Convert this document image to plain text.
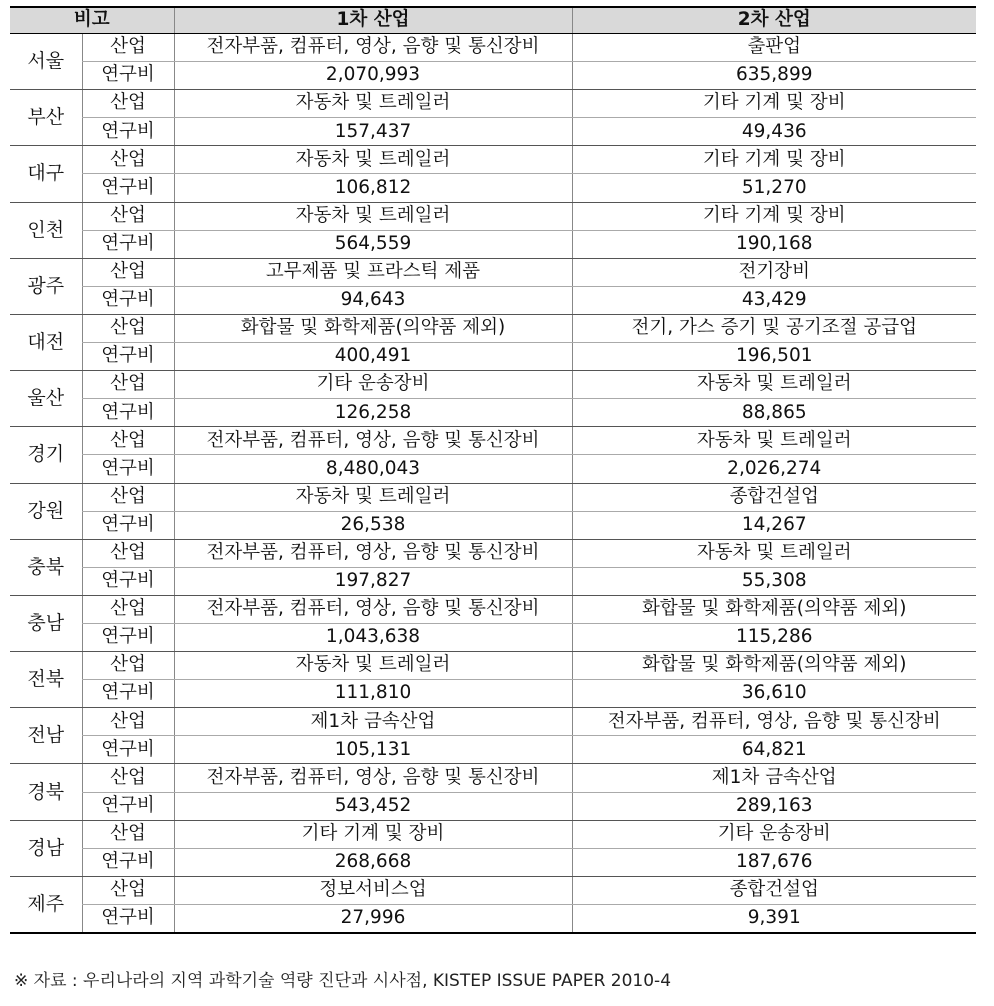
비고		1차 산업	2차 산업
서울	산업	전자부품, 컴퓨터, 영상, 음향 및 통신장비	출판업
	연구비	2,070,993	635,899
부산	산업	자동차 및 트레일러	기타 기계 및 장비
	연구비	157,437	49,436
대구	산업	자동차 및 트레일러	기타 기계 및 장비
	연구비	106,812	51,270
인천	산업	자동차 및 트레일러	기타 기계 및 장비
	연구비	564,559	190,168
광주	산업	고무제품 및 프라스틱 제품	전기장비
	연구비	94,643	43,429
대전	산업	화합물 및 화학제품(의약품 제외)	전기, 가스 증기 및 공기조절 공급업
	연구비	400,491	196,501
울산	산업	기타 운송장비	자동차 및 트레일러
	연구비	126,258	88,865
경기	산업	전자부품, 컴퓨터, 영상, 음향 및 통신장비	자동차 및 트레일러
	연구비	8,480,043	2,026,274
강원	산업	자동차 및 트레일러	종합건설업
	연구비	26,538	14,267
충북	산업	전자부품, 컴퓨터, 영상, 음향 및 통신장비	자동차 및 트레일러
	연구비	197,827	55,308
충남	산업	전자부품, 컴퓨터, 영상, 음향 및 통신장비	화합물 및 화학제품(의약품 제외)
	연구비	1,043,638	115,286
전북	산업	자동차 및 트레일러	화합물 및 화학제품(의약품 제외)
	연구비	111,810	36,610
전남	산업	제1차 금속산업	전자부품, 컴퓨터, 영상, 음향 및 통신장비
	연구비	105,131	64,821
경북	산업	전자부품, 컴퓨터, 영상, 음향 및 통신장비	제1차 금속산업
	연구비	543,452	289,163
경남	산업	기타 기계 및 장비	기타 운송장비
	연구비	268,668	187,676
제주	산업	정보서비스업	종합건설업
	연구비	27,996	9,391
※ 자료 : 우리나라의 지역 과학기술 역량 진단과 시사점, KISTEP ISSUE PAPER 2010-4
